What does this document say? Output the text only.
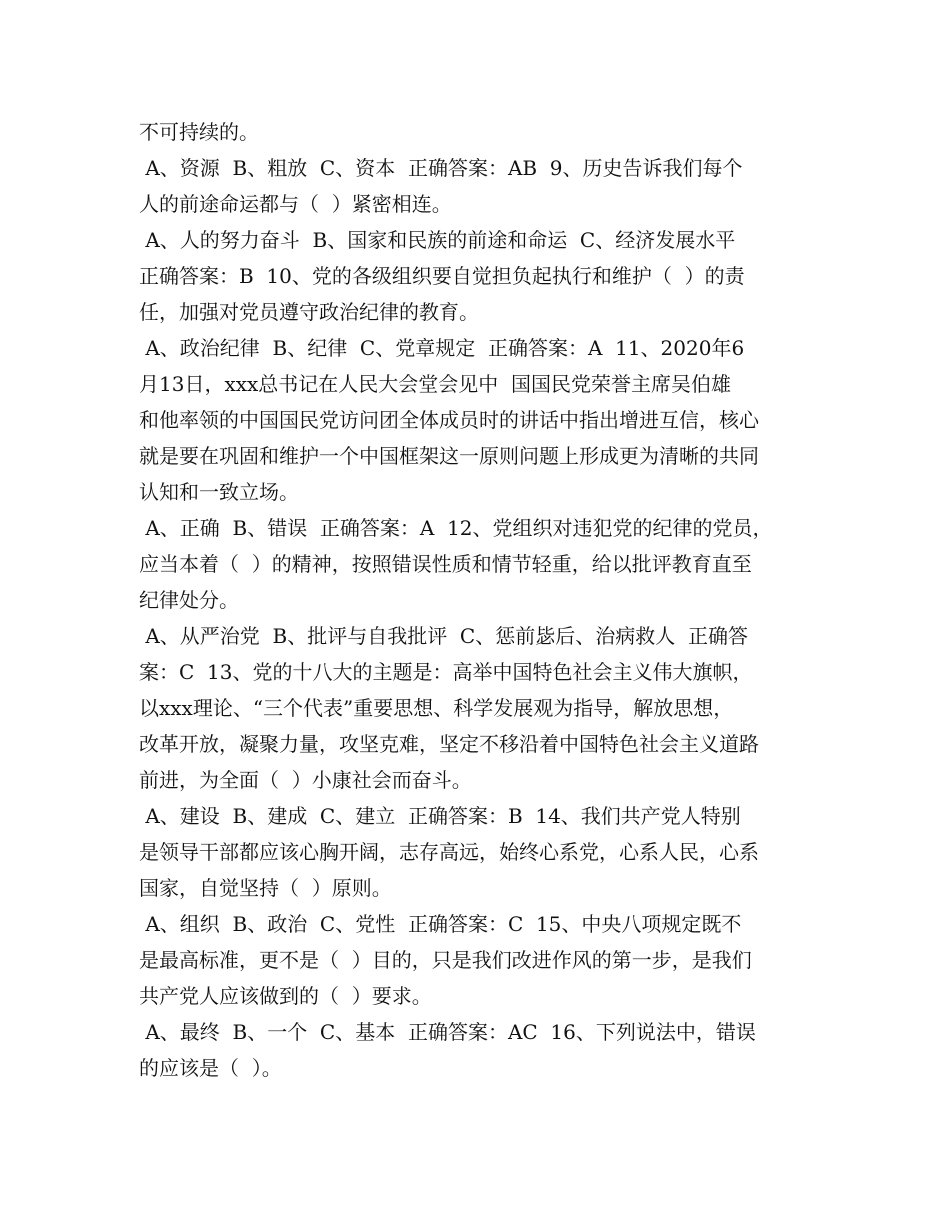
不可持续的。
A、资源  B、粗放  C、资本  正确答案：AB  9、历史告诉我们每个
人的前途命运都与（  ）紧密相连。
A、人的努力奋斗  B、国家和民族的前途和命运  C、经济发展水平
正确答案：B  10、党的各级组织要自觉担负起执行和维护（  ）的责
任，加强对党员遵守政治纪律的教育。
A、政治纪律  B、纪律  C、党章规定  正确答案：A  11、2020年6
月13日，xxx总书记在人民大会堂会见中  国国民党荣誉主席吴伯雄
和他率领的中国国民党访问团全体成员时的讲话中指出增进互信，核心
就是要在巩固和维护一个中国框架这一原则问题上形成更为清晰的共同
认知和一致立场。
A、正确  B、错误  正确答案：A  12、党组织对违犯党的纪律的党员，
应当本着（  ）的精神，按照错误性质和情节轻重，给以批评教育直至
纪律处分。
A、从严治党  B、批评与自我批评  C、惩前毖后、治病救人  正确答
案：C  13、党的十八大的主题是：高举中国特色社会主义伟大旗帜，
以xxx理论、“三个代表”重要思想、科学发展观为指导，解放思想，
改革开放，凝聚力量，攻坚克难，坚定不移沿着中国特色社会主义道路
前进，为全面（  ）小康社会而奋斗。
A、建设  B、建成  C、建立  正确答案：B  14、我们共产党人特别
是领导干部都应该心胸开阔，志存高远，始终心系党，心系人民，心系
国家，自觉坚持（  ）原则。
A、组织  B、政治  C、党性  正确答案：C  15、中央八项规定既不
是最高标准，更不是（  ）目的，只是我们改进作风的第一步，是我们
共产党人应该做到的（  ）要求。
A、最终  B、一个  C、基本  正确答案：AC  16、下列说法中，错误
的应该是（  ）。
